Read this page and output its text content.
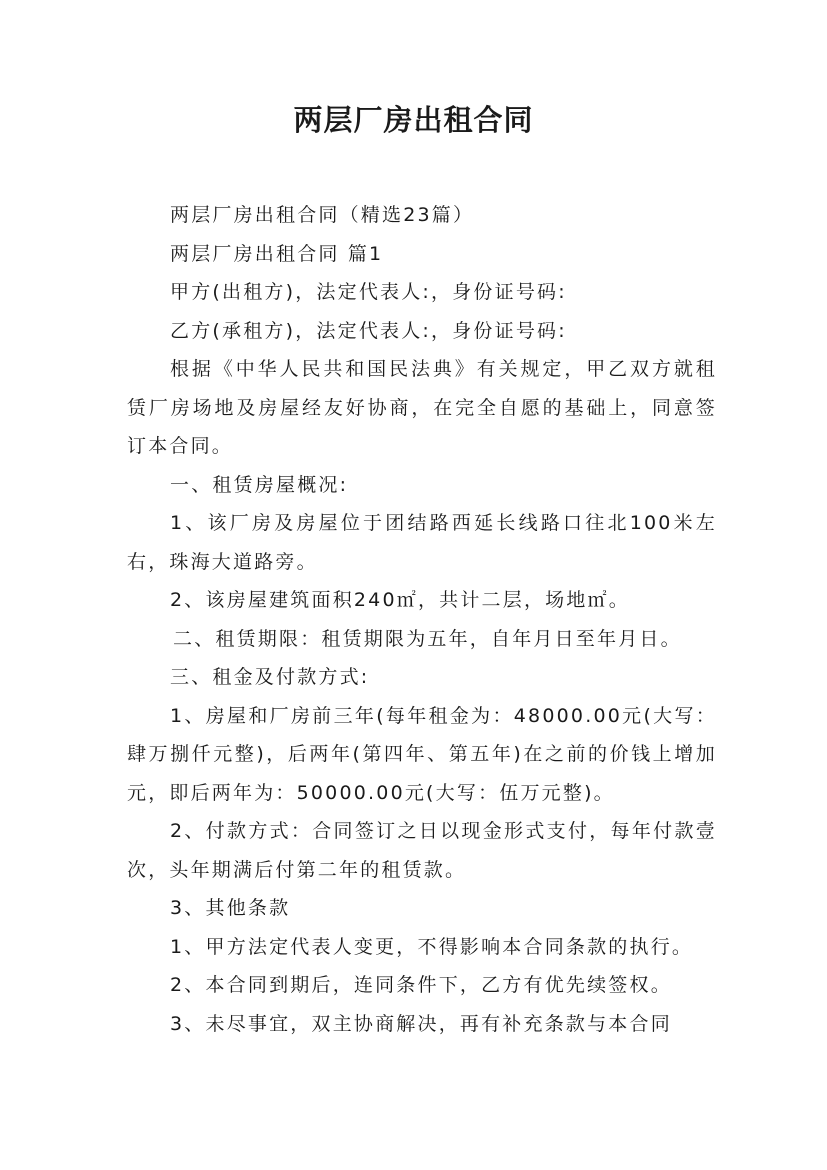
两层厂房出租合同

两层厂房出租合同（精选23篇）

两层厂房出租合同 篇1

甲方(出租方)，法定代表人:，身份证号码:

乙方(承租方)，法定代表人:，身份证号码:

根据《中华人民共和国民法典》有关规定，甲乙双方就租赁厂房场地及房屋经友好协商，在完全自愿的基础上，同意签订本合同。

一、租赁房屋概况:

1、该厂房及房屋位于团结路西延长线路口往北100米左右，珠海大道路旁。

2、该房屋建筑面积240㎡，共计二层，场地㎡。

二、租赁期限：租赁期限为五年，自年月日至年月日。

三、租金及付款方式:

1、房屋和厂房前三年(每年租金为：48000.00元(大写：肆万捌仟元整)，后两年(第四年、第五年)在之前的价钱上增加元，即后两年为：50000.00元(大写：伍万元整)。

2、付款方式：合同签订之日以现金形式支付，每年付款壹次，头年期满后付第二年的租赁款。

3、其他条款

1、甲方法定代表人变更，不得影响本合同条款的执行。

2、本合同到期后，连同条件下，乙方有优先续签权。

3、未尽事宜，双主协商解决，再有补充条款与本合同
